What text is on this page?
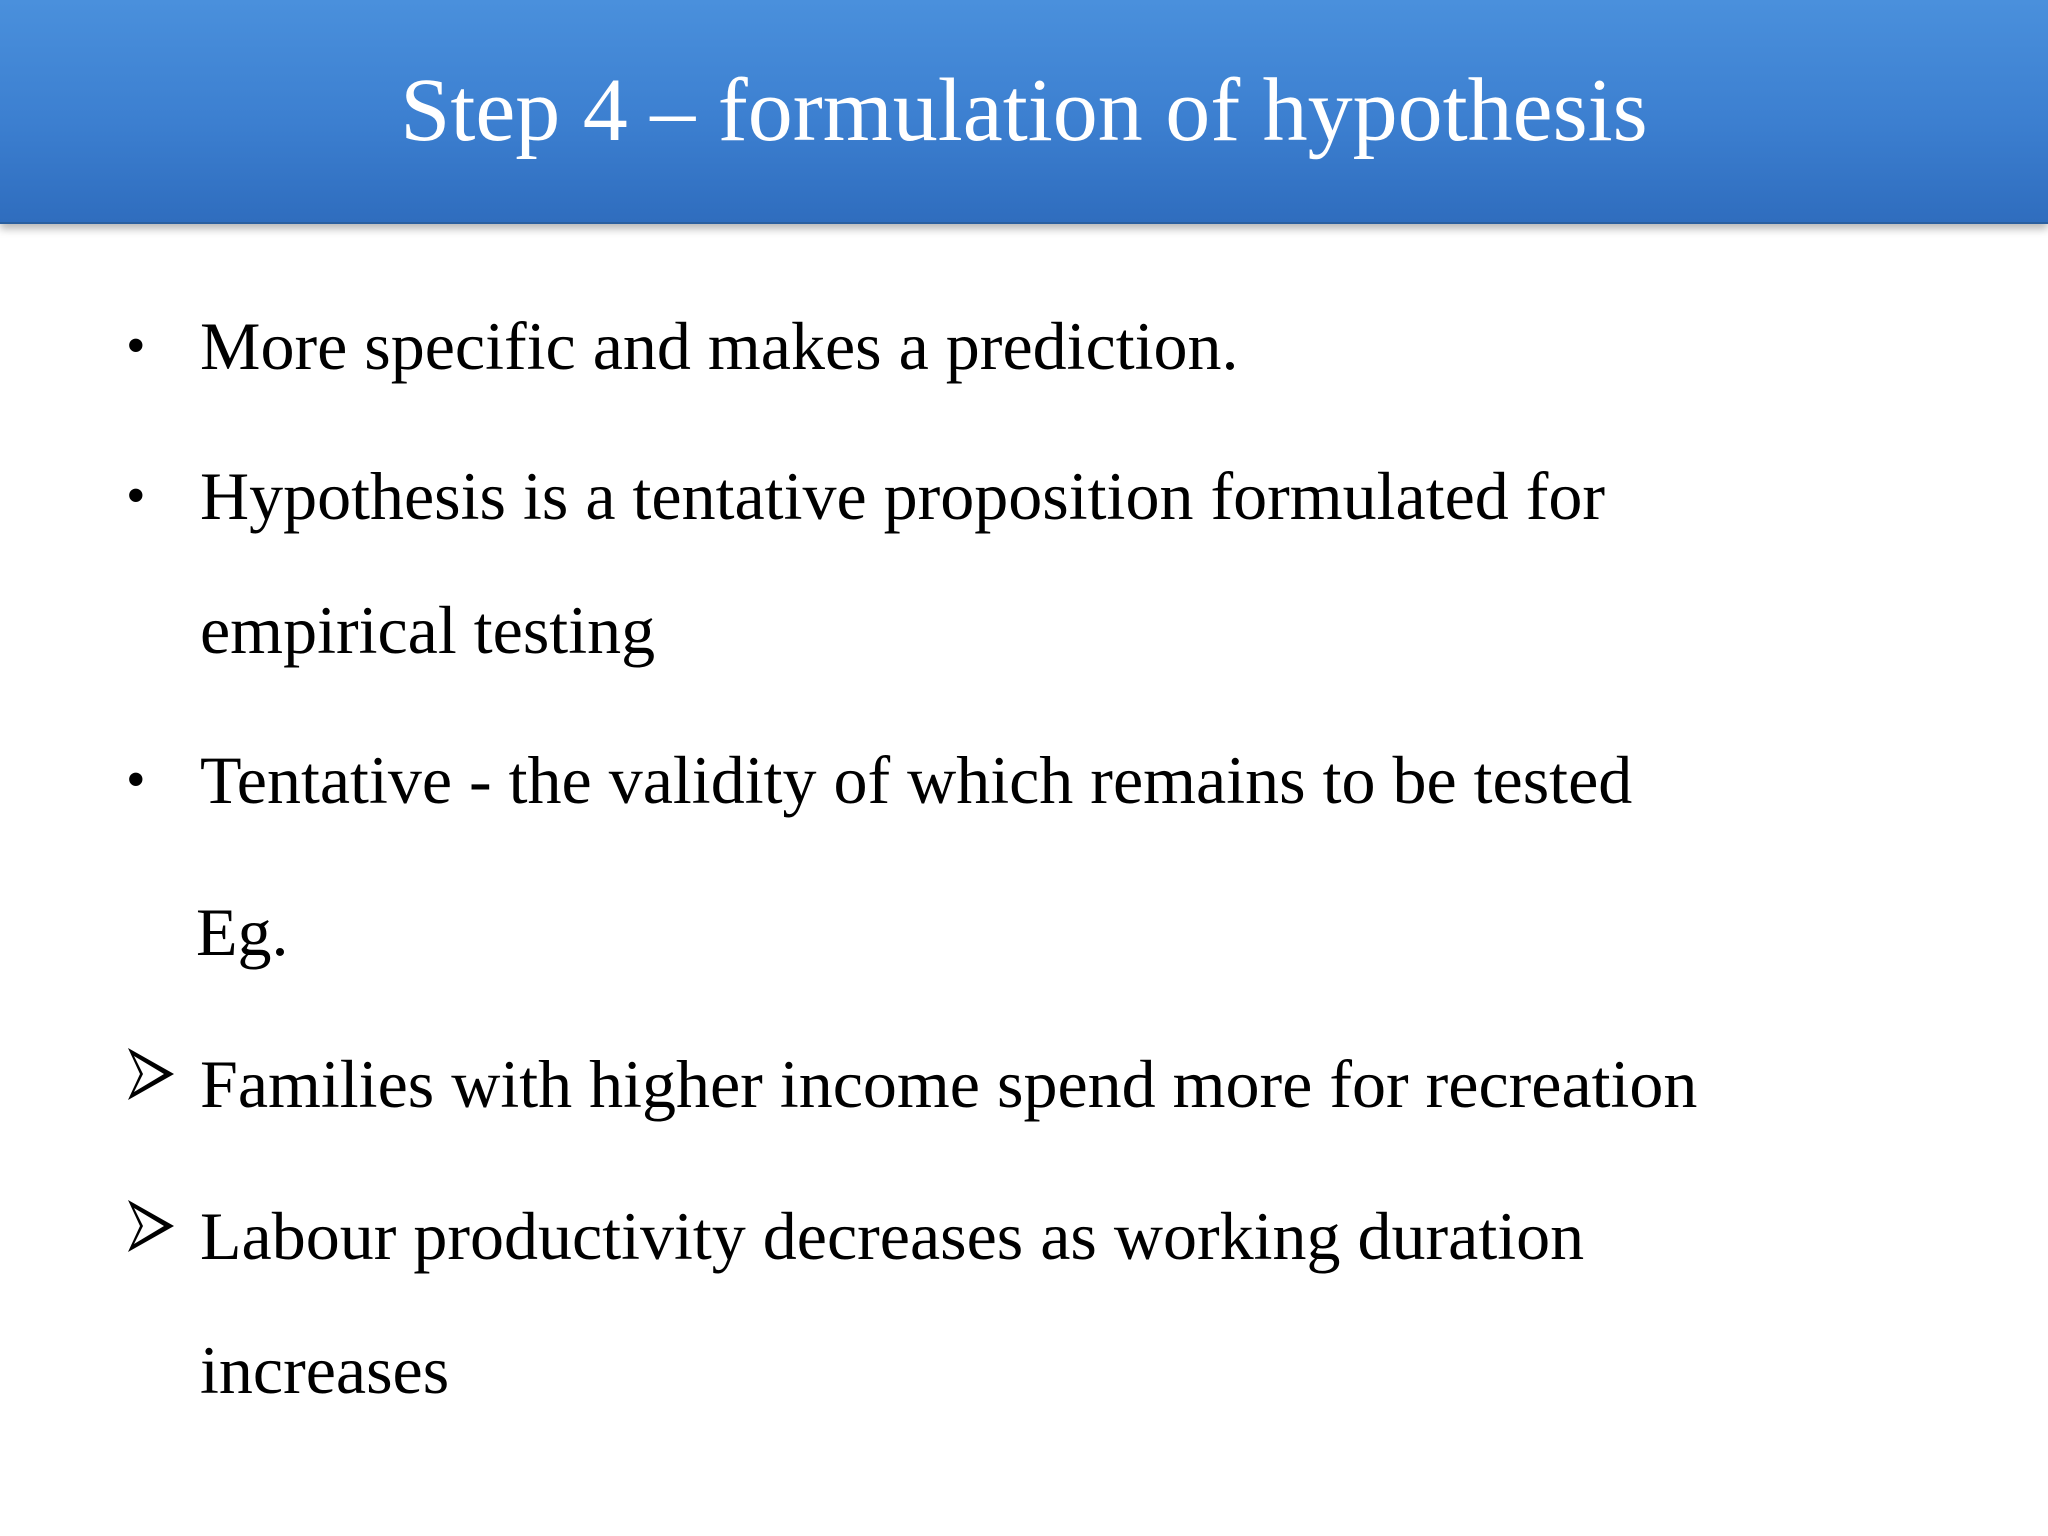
Step 4 – formulation of hypothesis
• More specific and makes a prediction.
• Hypothesis is a tentative proposition formulated for
empirical testing
• Tentative - the validity of which remains to be tested
Eg.
Families with higher income spend more for recreation
Labour productivity decreases as working duration
increases
